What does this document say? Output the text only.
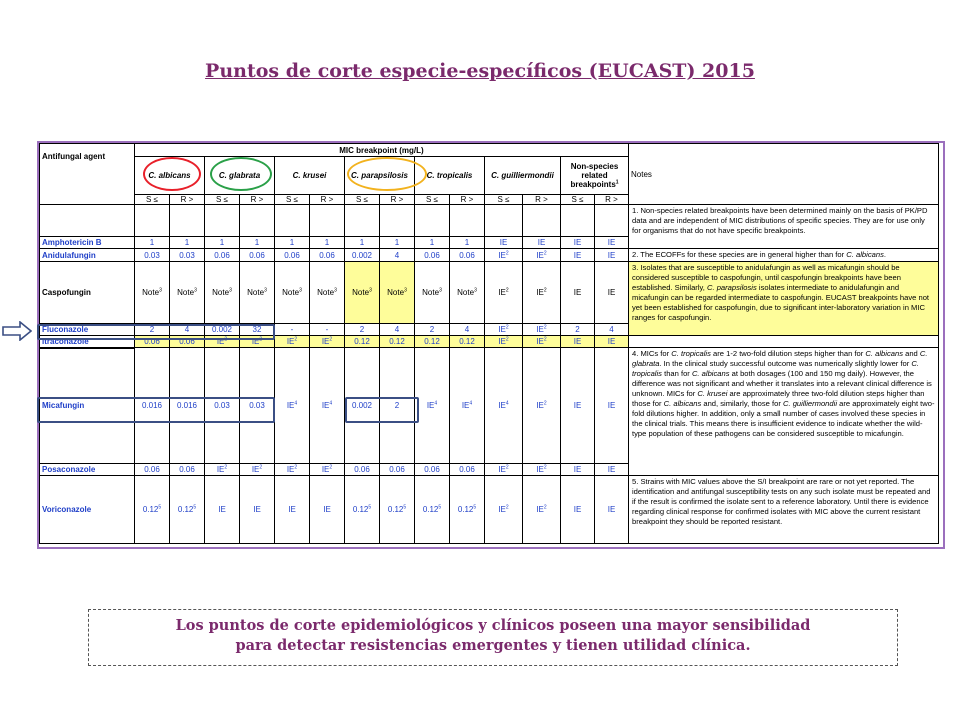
Puntos de corte especie-específicos (EUCAST) 2015
Antifungal agent	MIC breakpoint (mg/L)														Notes
	C. albicans		C. glabrata		C. krusei		C. parapsilosis		C. tropicalis		C. guilliermondii		Non-species related breakpoints$^1$
	S ≤	R >	S ≤	R >	S ≤	R >	S ≤	R >	S ≤	R >	S ≤	R >	S ≤	R >	
															1. Non-species related breakpoints have been determined mainly on the basis of PK/PD data and are independent of MIC distributions of specific species. They are for use only for organisms that do not have specific breakpoints.
Amphotericin B	1	1	1	1	1	1	1	1	1	1	IE	IE	IE	IE	
Anidulafungin	0.03	0.03	0.06	0.06	0.06	0.06	0.002	4	0.06	0.06	$IE^2$	$IE^2$	IE	IE	2. The ECOFFs for these species are in general higher than for C. albicans.
Caspofungin	Note$^3$	Note$^3$	Note$^3$	Note$^3$	Note$^3$	Note$^3$	Note$^3$	Note$^3$	Note$^3$	Note$^3$	$IE^2$	$IE^2$	IE	IE	3. Isolates that are susceptible to anidulafungin as well as micafungin should be considered susceptible to caspofungin, until caspofungin breakpoints have been established. Similarly, C. parapsilosis isolates intermediate to anidulafungin and micafungin can be regarded intermediate to caspofungin. EUCAST breakpoints have not yet been established for caspofungin, due to significant inter-laboratory variation in MIC ranges for caspofungin.
Fluconazole	2	4	0.002	32	-	-	2	4	2	4	$IE^2$	$IE^2$	2	4	
Itraconazole	0.06	0.06	$IE^2$	$IE^2$	$IE^2$	$IE^2$	0.12	0.12	0.12	0.12	$IE^2$	$IE^2$	IE	IE	
Micafungin	0.016	0.016	0.03	0.03	$IE^4$	$IE^4$	0.002	2	$IE^4$	$IE^4$	$IE^4$	$IE^2$	IE	IE	4. MICs for C. tropicalis are 1-2 two-fold dilution steps higher than for C. albicans and C. glabrata. In the clinical study successful outcome was numerically slightly lower for C. tropicalis than for C. albicans at both dosages (100 and 150 mg daily). However, the difference was not significant and whether it translates into a relevant clinical difference is unknown. MICs for C. krusei are approximately three two-fold dilution steps higher than those for C. albicans and, similarly, those for C. guilliermondii are approximately eight two-fold dilutions higher. In addition, only a small number of cases involved these species in the clinical trials. This means there is insufficient evidence to indicate whether the wild-type population of these pathogens can be considered susceptible to micafungin.
Posaconazole	0.06	0.06	$IE^2$	$IE^2$	$IE^2$	$IE^2$	0.06	0.06	0.06	0.06	$IE^2$	$IE^2$	IE	IE	
Voriconazole	0.12$^5$	0.12$^5$	IE	IE	IE	IE	0.12$^5$	0.12$^5$	0.12$^5$	0.12$^5$	$IE^2$	$IE^2$	IE	IE	5. Strains with MIC values above the S/I breakpoint are rare or not yet reported. The identification and antifungal susceptibility tests on any such isolate must be repeated and if the result is confirmed the isolate sent to a reference laboratory. Until there is evidence regarding clinical response for confirmed isolates with MIC above the current resistant breakpoint they should be reported resistant.
Los puntos de corte epidemiológicos y clínicos poseen una mayor sensibilidad
para detectar resistencias emergentes y tienen utilidad clínica.
